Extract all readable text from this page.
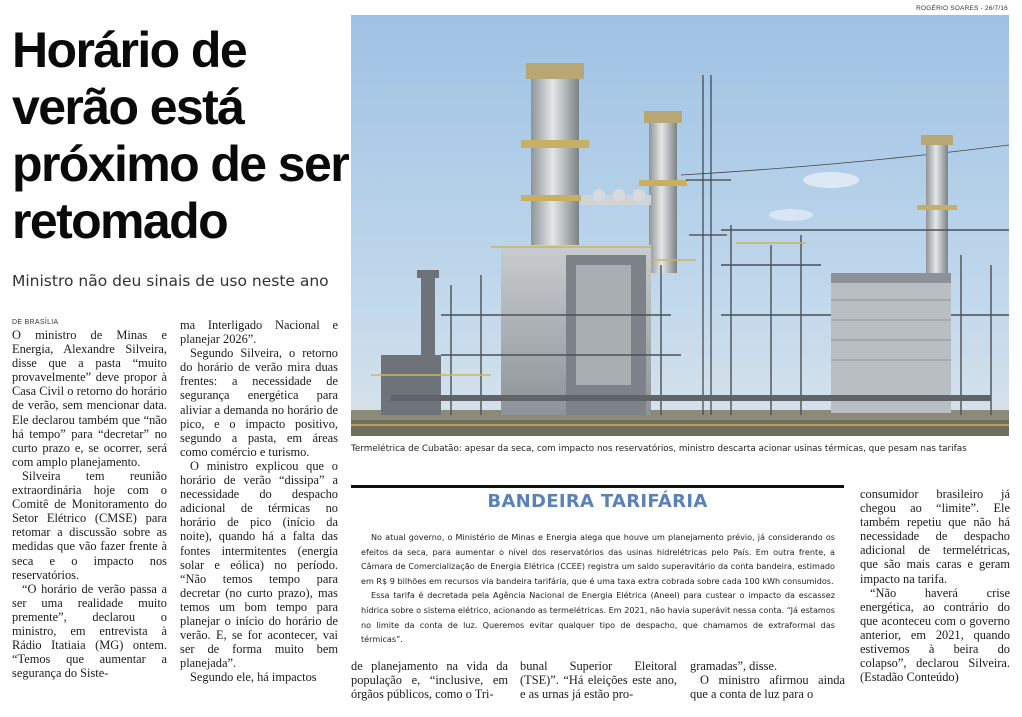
Horário de verão está próximo de ser retomado
Ministro não deu sinais de uso neste ano
DE BRASÍLIA

O ministro de Minas e Energia, Alexandre Silveira, disse que a pasta “muito provavelmente” deve propor à Casa Civil o retorno do horário de verão, sem mencionar data. Ele declarou também que “não há tempo” para “decretar” no curto prazo e, se ocorrer, será com amplo planejamento.

Silveira tem reunião extraordinária hoje com o Comitê de Monitoramento do Setor Elétrico (CMSE) para retomar a discussão sobre as medidas que vão fazer frente à seca e o impacto nos reservatórios.

“O horário de verão passa a ser uma realidade muito premente”, declarou o ministro, em entrevista à Rádio Itatiaia (MG) ontem. “Temos que aumentar a segurança do Siste-

ma Interligado Nacional e planejar 2026”.

Segundo Silveira, o retorno do horário de verão mira duas frentes: a necessidade de segurança energética para aliviar a demanda no horário de pico, e o impacto positivo, segundo a pasta, em áreas como comércio e turismo.

O ministro explicou que o horário de verão “dissipa” a necessidade do despacho adicional de térmicas no horário de pico (início da noite), quando há a falta das fontes intermitentes (energia solar e eólica) no período. “Não temos tempo para decretar (no curto prazo), mas temos um bom tempo para planejar o início do horário de verão. E, se for acontecer, vai ser de forma muito bem planejada”.

Segundo ele, há impactos

ROGÉRIO SOARES - 26/7/16
Termelétrica de Cubatão: apesar da seca, com impacto nos reservatórios, ministro descarta acionar usinas térmicas, que pesam nas tarifas
BANDEIRA TARIFÁRIA

No atual governo, o Ministério de Minas e Energia alega que houve um planejamento prévio, já considerando os efeitos da seca, para aumentar o nível dos reservatórios das usinas hidrelétricas pelo País. Em outra frente, a Câmara de Comercialização de Energia Elétrica (CCEE) registra um saldo superavitário da conta bandeira, estimado em R$ 9 bilhões em recursos via bandeira tarifária, que é uma taxa extra cobrada sobre cada 100 kWh consumidos.

Essa tarifa é decretada pela Agência Nacional de Energia Elétrica (Aneel) para custear o impacto da escassez hídrica sobre o sistema elétrico, acionando as termelétricas. Em 2021, não havia superávit nessa conta. “Já estamos no limite da conta de luz. Queremos evitar qualquer tipo de despacho, que chamamos de extraformal das térmicas”.

de planejamento na vida da população e, “inclusive, em órgãos públicos, como o Tri-

bunal Superior Eleitoral (TSE)”. “Há eleições este ano, e as urnas já estão pro-

gramadas”, disse.

O ministro afirmou ainda que a conta de luz para o

consumidor brasileiro já chegou ao “limite”. Ele também repetiu que não há necessidade de despacho adicional de termelétricas, que são mais caras e geram impacto na tarifa.

“Não haverá crise energética, ao contrário do que aconteceu com o governo anterior, em 2021, quando estivemos à beira do colapso”, declarou Silveira. (Estadão Conteúdo)
